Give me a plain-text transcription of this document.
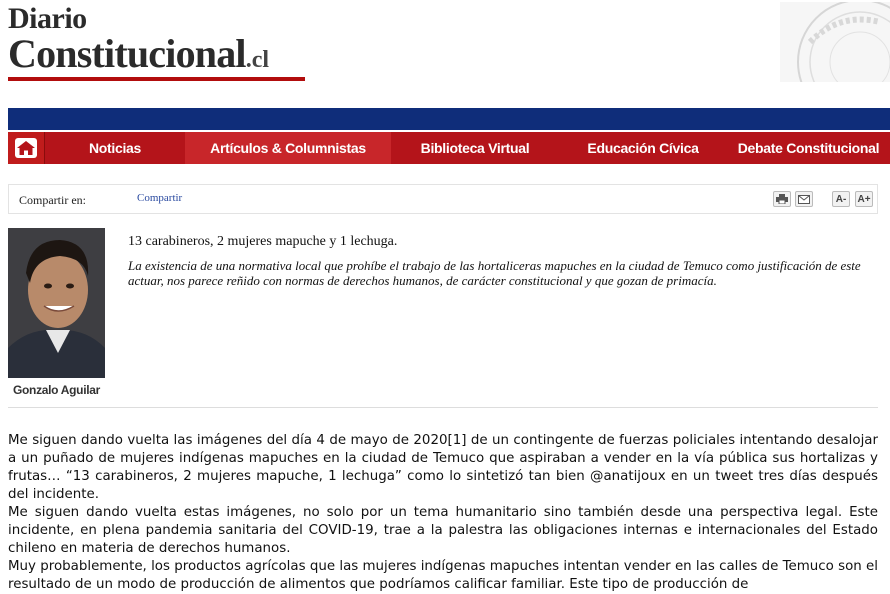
Diario
Constitucional.cl
Noticias	Artículos & Columnistas	Biblioteca Virtual	Educación Cívica	Debate Constitucional
Compartir en:	Compartir	A-	A+
Gonzalo Aguilar
13 carabineros, 2 mujeres mapuche y 1 lechuga.
La existencia de una normativa local que prohíbe el trabajo de las hortaliceras mapuches en la ciudad de Temuco como justificación de este actuar, nos parece reñido con normas de derechos humanos, de carácter constitucional y que gozan de primacía.

Me siguen dando vuelta las imágenes del día 4 de mayo de 2020[1] de un contingente de fuerzas policiales intentando desalojar a un puñado de mujeres indígenas mapuches en la ciudad de Temuco que aspiraban a vender en la vía pública sus hortalizas y frutas… “13 carabineros, 2 mujeres mapuche, 1 lechuga” como lo sintetizó tan bien @anatijoux en un tweet tres días después del incidente.

Me siguen dando vuelta estas imágenes, no solo por un tema humanitario sino también desde una perspectiva legal. Este incidente, en plena pandemia sanitaria del COVID-19, trae a la palestra las obligaciones internas e internacionales del Estado chileno en materia de derechos humanos.

Muy probablemente, los productos agrícolas que las mujeres indígenas mapuches intentan vender en las calles de Temuco son el resultado de un modo de producción de alimentos que podríamos calificar familiar. Este tipo de producción de
